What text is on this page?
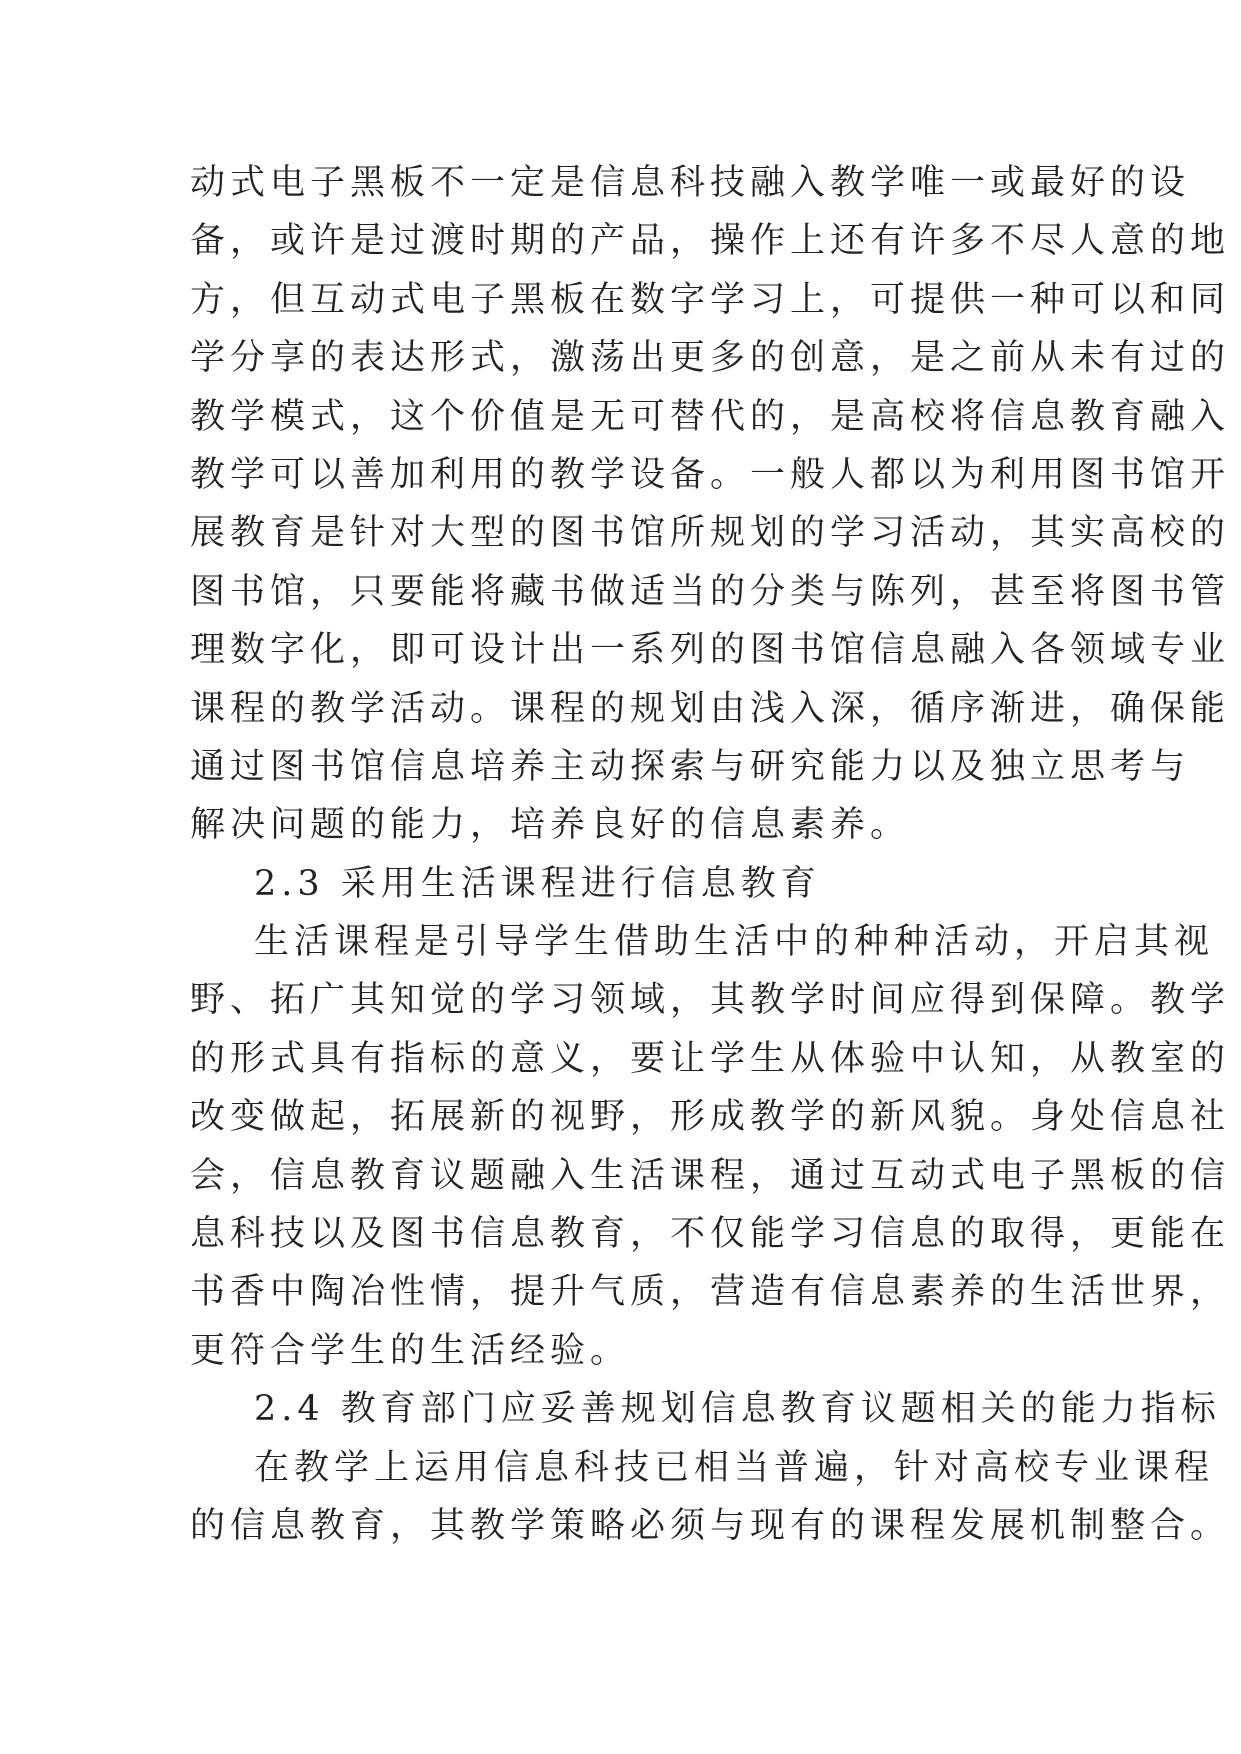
动式电子黑板不一定是信息科技融入教学唯一或最好的设
备，或许是过渡时期的产品，操作上还有许多不尽人意的地
方，但互动式电子黑板在数字学习上，可提供一种可以和同
学分享的表达形式，激荡出更多的创意，是之前从未有过的
教学模式，这个价值是无可替代的，是高校将信息教育融入
教学可以善加利用的教学设备。一般人都以为利用图书馆开
展教育是针对大型的图书馆所规划的学习活动，其实高校的
图书馆，只要能将藏书做适当的分类与陈列，甚至将图书管
理数字化，即可设计出一系列的图书馆信息融入各领域专业
课程的教学活动。课程的规划由浅入深，循序渐进，确保能
通过图书馆信息培养主动探索与研究能力以及独立思考与
解决问题的能力，培养良好的信息素养。
2.3 采用生活课程进行信息教育
生活课程是引导学生借助生活中的种种活动，开启其视
野、拓广其知觉的学习领域，其教学时间应得到保障。教学
的形式具有指标的意义，要让学生从体验中认知，从教室的
改变做起，拓展新的视野，形成教学的新风貌。身处信息社
会，信息教育议题融入生活课程，通过互动式电子黑板的信
息科技以及图书信息教育，不仅能学习信息的取得，更能在
书香中陶冶性情，提升气质，营造有信息素养的生活世界，
更符合学生的生活经验。
2.4 教育部门应妥善规划信息教育议题相关的能力指标
在教学上运用信息科技已相当普遍，针对高校专业课程
的信息教育，其教学策略必须与现有的课程发展机制整合。
